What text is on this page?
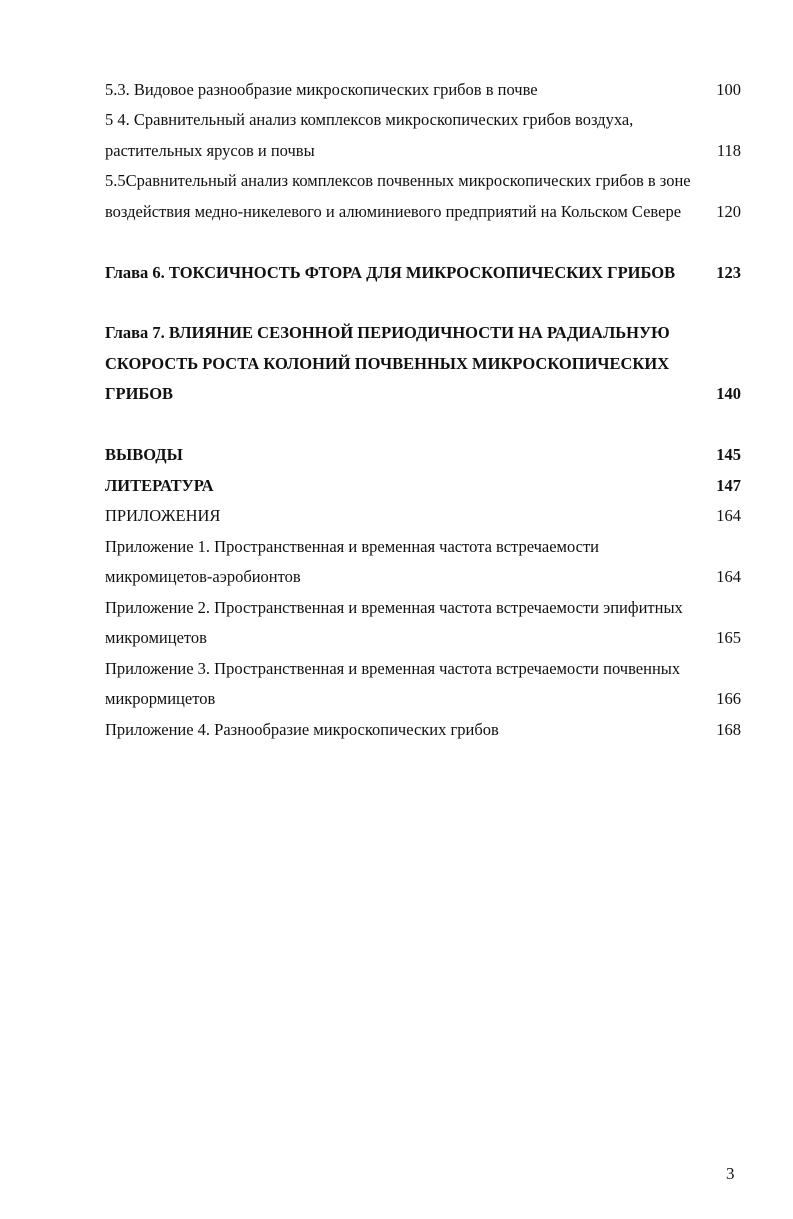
5.3. Видовое разнообразие микроскопических грибов в почве	100
5 4. Сравнительный анализ комплексов микроскопических грибов воздуха,
растительных ярусов и почвы	118
5.5Сравнительный анализ комплексов почвенных микроскопических грибов в зоне
воздействия медно-никелевого и алюминиевого предприятий на Кольском Севере	120
Глава 6. ТОКСИЧНОСТЬ ФТОРА ДЛЯ МИКРОСКОПИЧЕСКИХ ГРИБОВ	123
Глава 7. ВЛИЯНИЕ СЕЗОННОЙ ПЕРИОДИЧНОСТИ НА РАДИАЛЬНУЮ
СКОРОСТЬ РОСТА КОЛОНИЙ ПОЧВЕННЫХ МИКРОСКОПИЧЕСКИХ
ГРИБОВ	140
ВЫВОДЫ	145
ЛИТЕРАТУРА	147
ПРИЛОЖЕНИЯ	164
Приложение 1. Пространственная и временная частота встречаемости
микромицетов-аэробионтов	164
Приложение 2. Пространственная и временная частота встречаемости эпифитных
микромицетов	165
Приложение 3. Пространственная и временная частота встречаемости почвенных
микрормицетов	166
Приложение 4. Разнообразие микроскопических грибов	168
3
